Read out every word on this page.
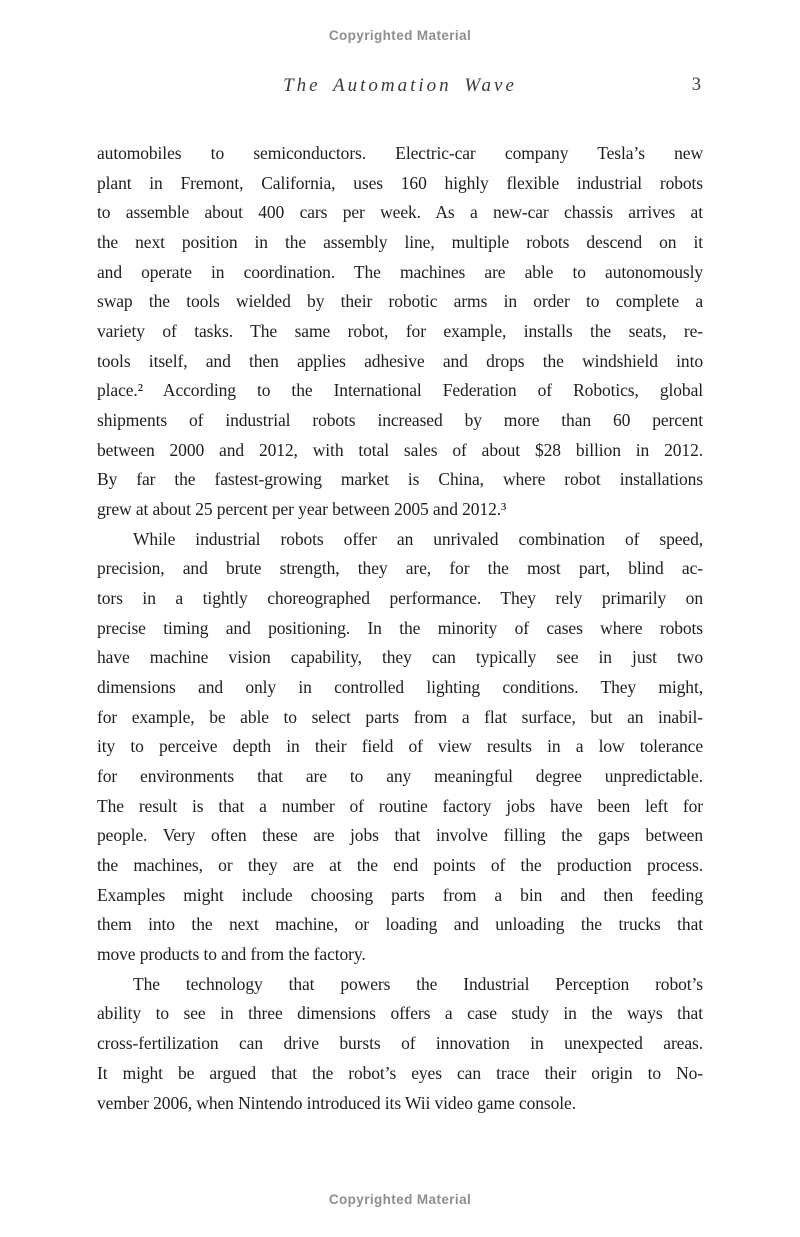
Copyrighted Material
The Automation Wave	3
automobiles to semiconductors. Electric-car company Tesla’s new
plant in Fremont, California, uses 160 highly flexible industrial robots
to assemble about 400 cars per week. As a new-car chassis arrives at
the next position in the assembly line, multiple robots descend on it
and operate in coordination. The machines are able to autonomously
swap the tools wielded by their robotic arms in order to complete a
variety of tasks. The same robot, for example, installs the seats, re-
tools itself, and then applies adhesive and drops the windshield into
place.² According to the International Federation of Robotics, global
shipments of industrial robots increased by more than 60 percent
between 2000 and 2012, with total sales of about $28 billion in 2012.
By far the fastest-growing market is China, where robot installations
grew at about 25 percent per year between 2005 and 2012.³
While industrial robots offer an unrivaled combination of speed,
precision, and brute strength, they are, for the most part, blind ac-
tors in a tightly choreographed performance. They rely primarily on
precise timing and positioning. In the minority of cases where robots
have machine vision capability, they can typically see in just two
dimensions and only in controlled lighting conditions. They might,
for example, be able to select parts from a flat surface, but an inabil-
ity to perceive depth in their field of view results in a low tolerance
for environments that are to any meaningful degree unpredictable.
The result is that a number of routine factory jobs have been left for
people. Very often these are jobs that involve filling the gaps between
the machines, or they are at the end points of the production process.
Examples might include choosing parts from a bin and then feeding
them into the next machine, or loading and unloading the trucks that
move products to and from the factory.
The technology that powers the Industrial Perception robot’s
ability to see in three dimensions offers a case study in the ways that
cross-fertilization can drive bursts of innovation in unexpected areas.
It might be argued that the robot’s eyes can trace their origin to No-
vember 2006, when Nintendo introduced its Wii video game console.
Copyrighted Material
